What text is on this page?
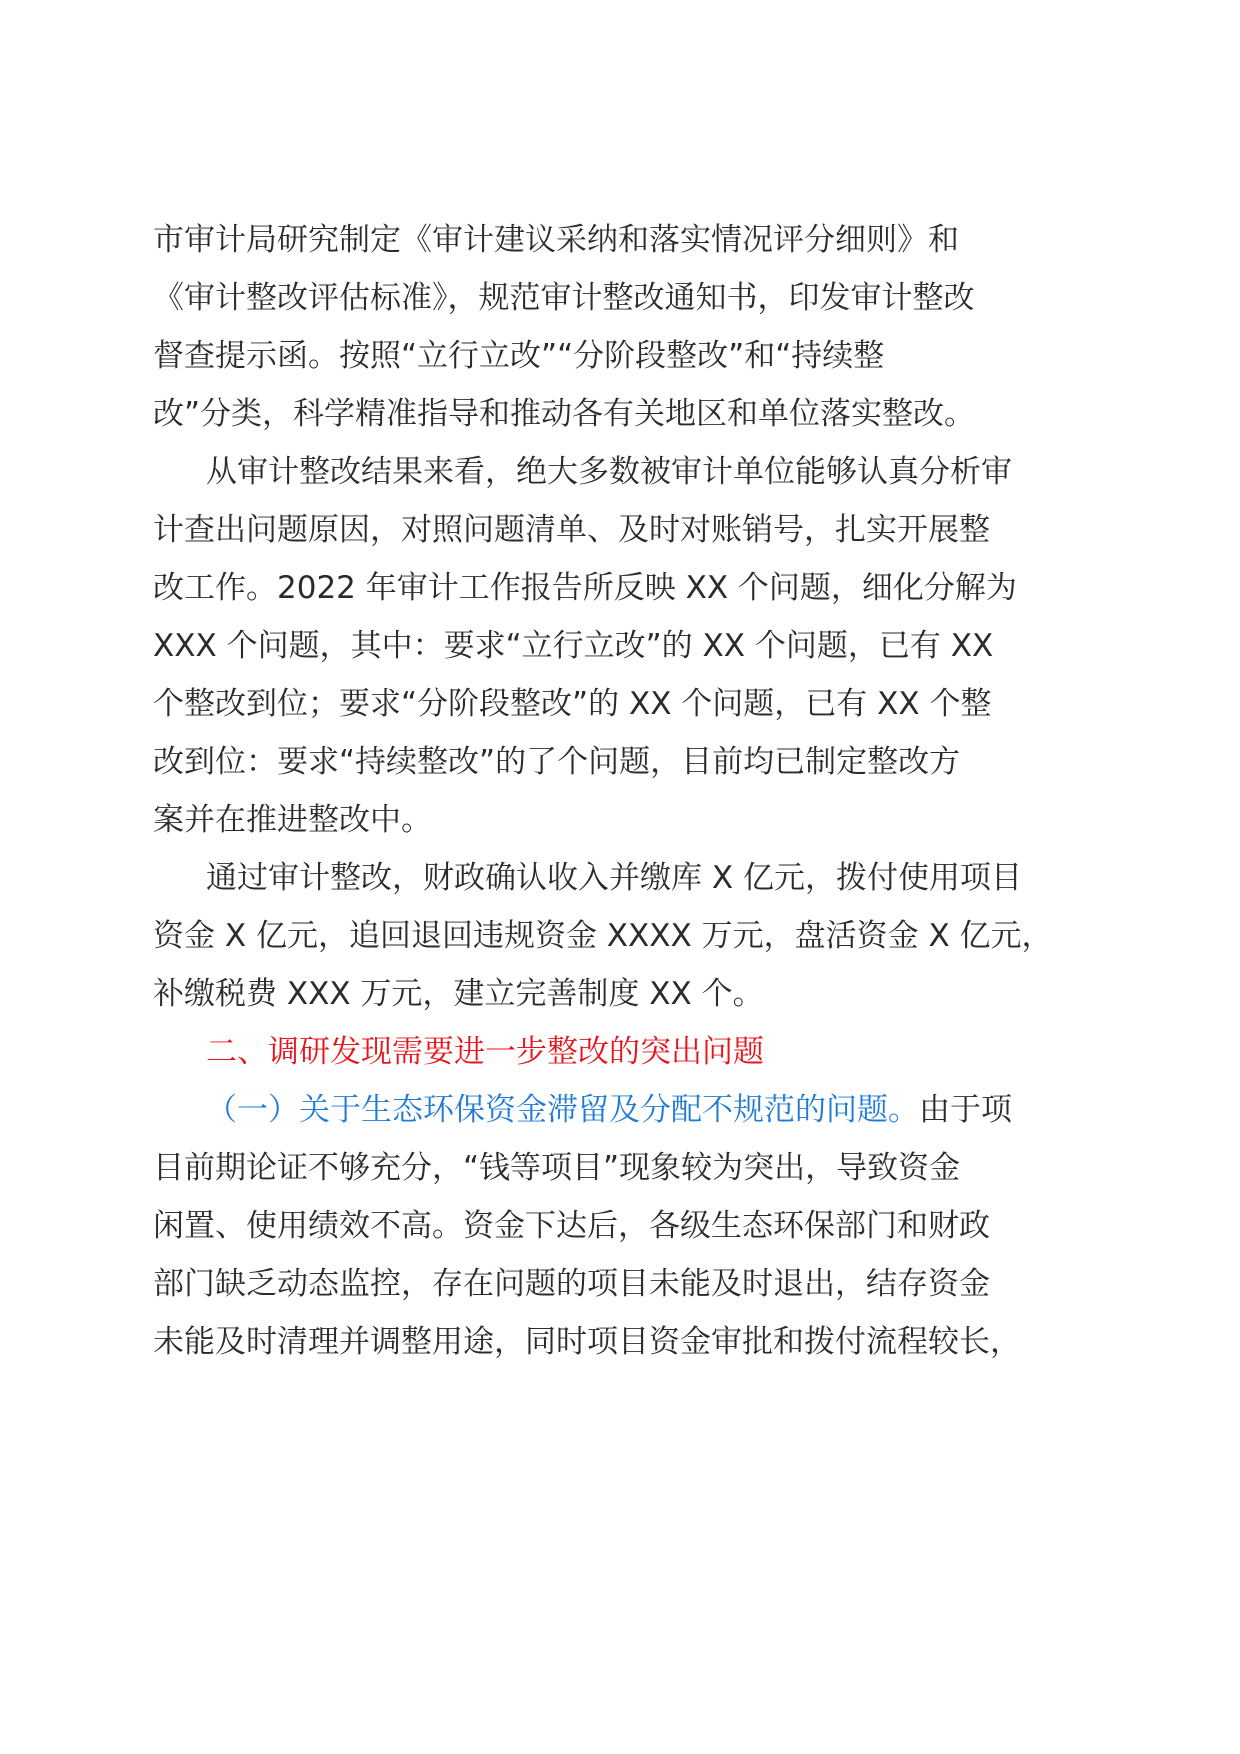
市审计局研究制定《审计建议采纳和落实情况评分细则》和

《审计整改评估标准》，规范审计整改通知书，印发审计整改

督查提示函。按照“立行立改”“分阶段整改”和“持续整

改”分类，科学精准指导和推动各有关地区和单位落实整改。

从审计整改结果来看，绝大多数被审计单位能够认真分析审

计查出问题原因，对照问题清单、及时对账销号，扎实开展整

改工作。2022 年审计工作报告所反映 XX 个问题，细化分解为

XXX 个问题，其中：要求“立行立改”的 XX 个问题，已有 XX

个整改到位；要求“分阶段整改”的 XX 个问题，已有 XX 个整

改到位：要求“持续整改”的了个问题，目前均已制定整改方

案并在推进整改中。

通过审计整改，财政确认收入并缴库 X 亿元，拨付使用项目

资金 X 亿元，追回退回违规资金 XXXX 万元，盘活资金 X 亿元，

补缴税费 XXX 万元，建立完善制度 XX 个。

二、调研发现需要进一步整改的突出问题

（一）关于生态环保资金滞留及分配不规范的问题。由于项

目前期论证不够充分，“钱等项目”现象较为突出，导致资金

闲置、使用绩效不高。资金下达后，各级生态环保部门和财政

部门缺乏动态监控，存在问题的项目未能及时退出，结存资金

未能及时清理并调整用途，同时项目资金审批和拨付流程较长，
